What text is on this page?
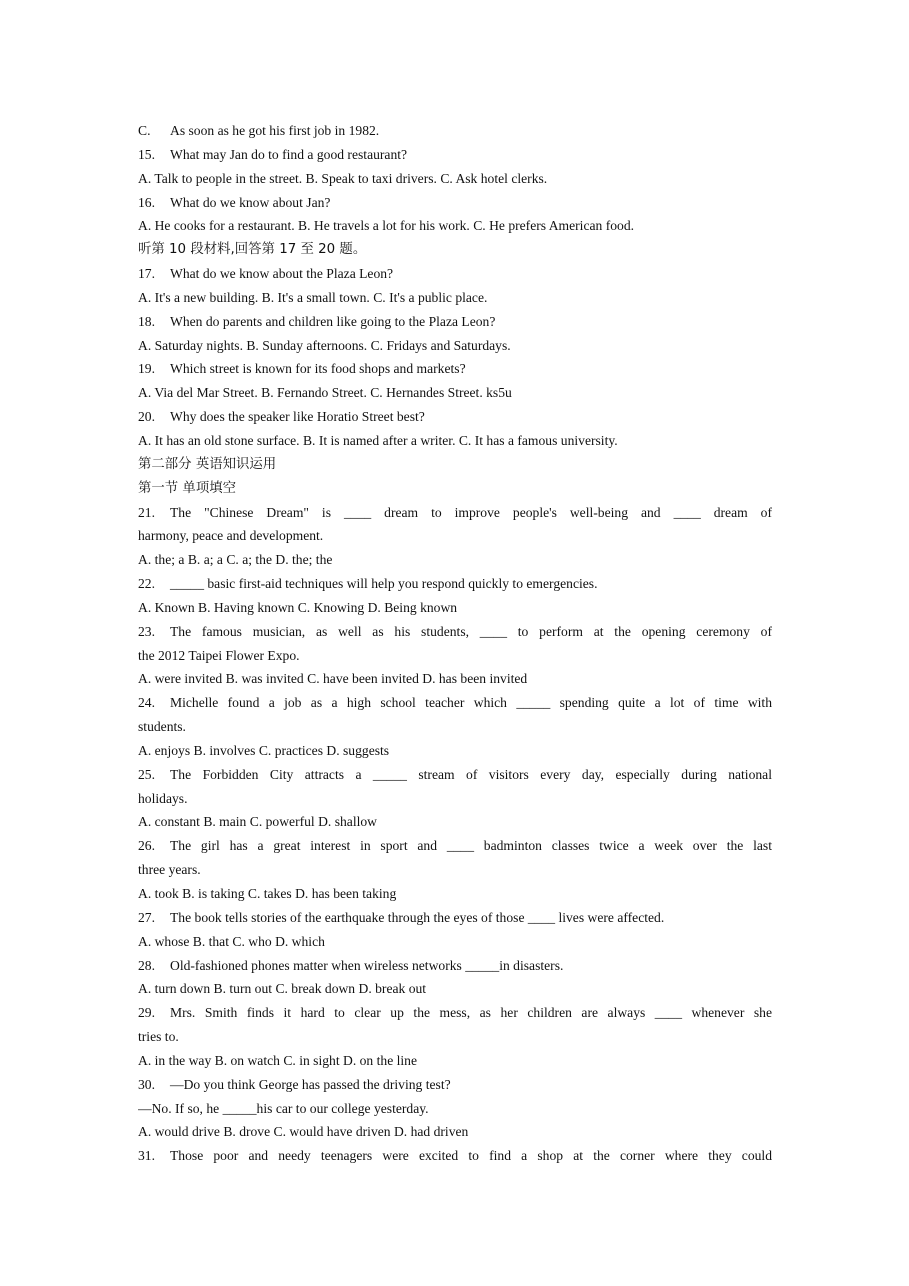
C. As soon as he got his first job in 1982.
15. What may Jan do to find a good restaurant?
A. Talk to people in the street. B. Speak to taxi drivers. C. Ask hotel clerks.
16. What do we know about Jan?
A. He cooks for a restaurant. B. He travels a lot for his work. C. He prefers American food.
听第 10 段材料,回答第 17 至 20 题。
17. What do we know about the Plaza Leon?
A. It's a new building. B. It's a small town. C. It's a public place.
18. When do parents and children like going to the Plaza Leon?
A. Saturday nights. B. Sunday afternoons. C. Fridays and Saturdays.
19. Which street is known for its food shops and markets?
A. Via del Mar Street. B. Fernando Street. C. Hernandes Street. ks5u
20. Why does the speaker like Horatio Street best?
A. It has an old stone surface. B. It is named after a writer. C. It has a famous university.
第二部分 英语知识运用
第一节 单项填空
21. The "Chinese Dream" is ____ dream to improve people's well-being and ____ dream of
harmony, peace and development.
A. the; a B. a; a C. a; the D. the; the
22. _____ basic first-aid techniques will help you respond quickly to emergencies.
A. Known B. Having known C. Knowing D. Being known
23. The famous musician, as well as his students, ____ to perform at the opening ceremony of
the 2012 Taipei Flower Expo.
A. were invited B. was invited C. have been invited D. has been invited
24. Michelle found a job as a high school teacher which _____ spending quite a lot of time with
students.
A. enjoys B. involves C. practices D. suggests
25. The Forbidden City attracts a _____ stream of visitors every day, especially during national
holidays.
A. constant B. main C. powerful D. shallow
26. The girl has a great interest in sport and ____ badminton classes twice a week over the last
three years.
A. took B. is taking C. takes D. has been taking
27. The book tells stories of the earthquake through the eyes of those ____ lives were affected.
A. whose B. that C. who D. which
28. Old-fashioned phones matter when wireless networks _____in disasters.
A. turn down B. turn out C. break down D. break out
29. Mrs. Smith finds it hard to clear up the mess, as her children are always ____ whenever she
tries to.
A. in the way B. on watch C. in sight D. on the line
30. —Do you think George has passed the driving test?
—No. If so, he _____his car to our college yesterday.
A. would drive B. drove C. would have driven D. had driven
31. Those poor and needy teenagers were excited to find a shop at the corner where they could
